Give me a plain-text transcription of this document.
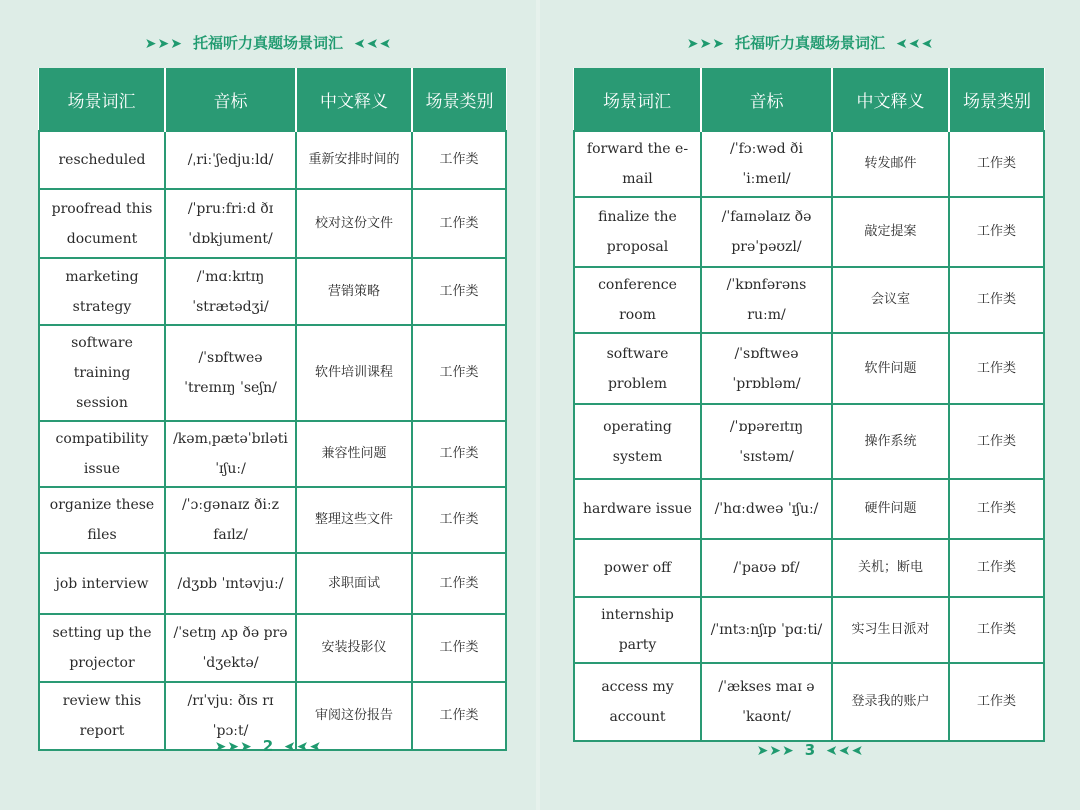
➤➤➤ 托福听力真题场景词汇 ➤➤➤
场景词汇	音标	中文释义	场景类别
rescheduled	/ˌriːˈʃedjuːld/	重新安排时间的	工作类
proofread this document	/ˈpruːfriːd ðɪ ˈdɒkjument/	校对这份文件	工作类
marketing strategy	/ˈmɑːkɪtɪŋ ˈstrætədʒi/	营销策略	工作类
software training session	/ˈsɒftweə ˈtreɪnɪŋ ˈseʃn/	软件培训课程	工作类
compatibility issue	/kəmˌpætəˈbɪləti ˈɪʃuː/	兼容性问题	工作类
organize these files	/ˈɔːɡənaɪz ðiːz faɪlz/	整理这些文件	工作类
job interview	/dʒɒb ˈɪntəvjuː/	求职面试	工作类
setting up the projector	/ˈsetɪŋ ʌp ðə prəˈdʒektə/	安装投影仪	工作类
review this report	/rɪˈvjuː ðɪs rɪˈpɔːt/	审阅这份报告	工作类
➤➤➤ 2 ➤➤➤
➤➤➤ 托福听力真题场景词汇 ➤➤➤
场景词汇	音标	中文释义	场景类别
forward the e-mail	/ˈfɔːwəd ði ˈiːmeɪl/	转发邮件	工作类
finalize the proposal	/ˈfaɪnəlaɪz ðə prəˈpəʊzl/	敲定提案	工作类
conference room	/ˈkɒnfərəns ruːm/	会议室	工作类
software problem	/ˈsɒftweə ˈprɒbləm/	软件问题	工作类
operating system	/ˈɒpəreɪtɪŋ ˈsɪstəm/	操作系统	工作类
hardware issue	/ˈhɑːdweə ˈɪʃuː/	硬件问题	工作类
power off	/ˈpaʊə ɒf/	关机；断电	工作类
internship party	/ˈɪntɜːnʃɪp ˈpɑːti/	实习生日派对	工作类
access my account	/ˈækses maɪ əˈkaʊnt/	登录我的账户	工作类
➤➤➤ 3 ➤➤➤
